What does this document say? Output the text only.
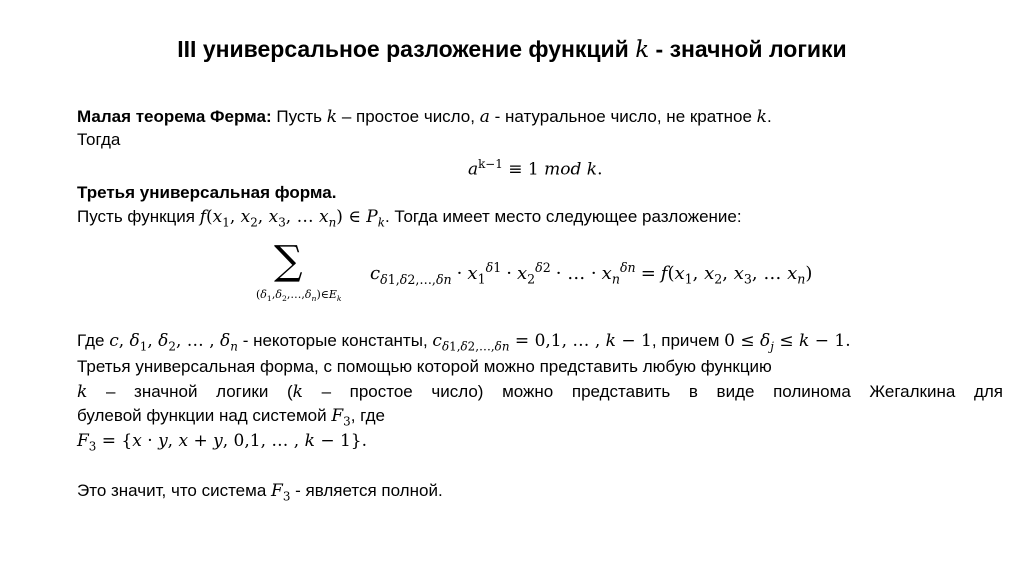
III универсальное разложение функций k - значной логики
Малая теорема Ферма: Пусть k – простое число, a - натуральное число, не кратное k.
Тогда
$a^{k-1} \equiv 1$ mod k.
Третья универсальная форма.
Пусть функция $f(x_1$, $x_2$, $x_3$, … $x_n$) ∈ $P_k$. Тогда имеет место следующее разложение:
∑
$(\delta_1,\delta_2,\dots,\delta_n)\in E_k$
$c_{\delta 1,\delta 2,\dots,\delta n} \cdot x_1^{\delta 1} \cdot x_2^{\delta 2}$ · … · $x_n^{\delta n} = f(x_1$, $x_2$, $x_3$, … $x_n$)
Где c, $\delta_1$, $\delta_2$, … , $\delta_n$ - некоторые константы, $c_{\delta 1,\delta 2,\dots,\delta n} = 0,1$, … , k − 1, причем $0 \le \delta_j \le k - 1$.
Третья универсальная форма, с помощью которой можно представить любую функцию
k – значной логики (k – простое число) можно представить в виде полинома Жегалкина для
булевой функции над системой $F_3$, где
$F_3 = \{x \cdot y$, x + y, 0,1, … , k − 1}.
Это значит, что система $F_3$ - является полной.
